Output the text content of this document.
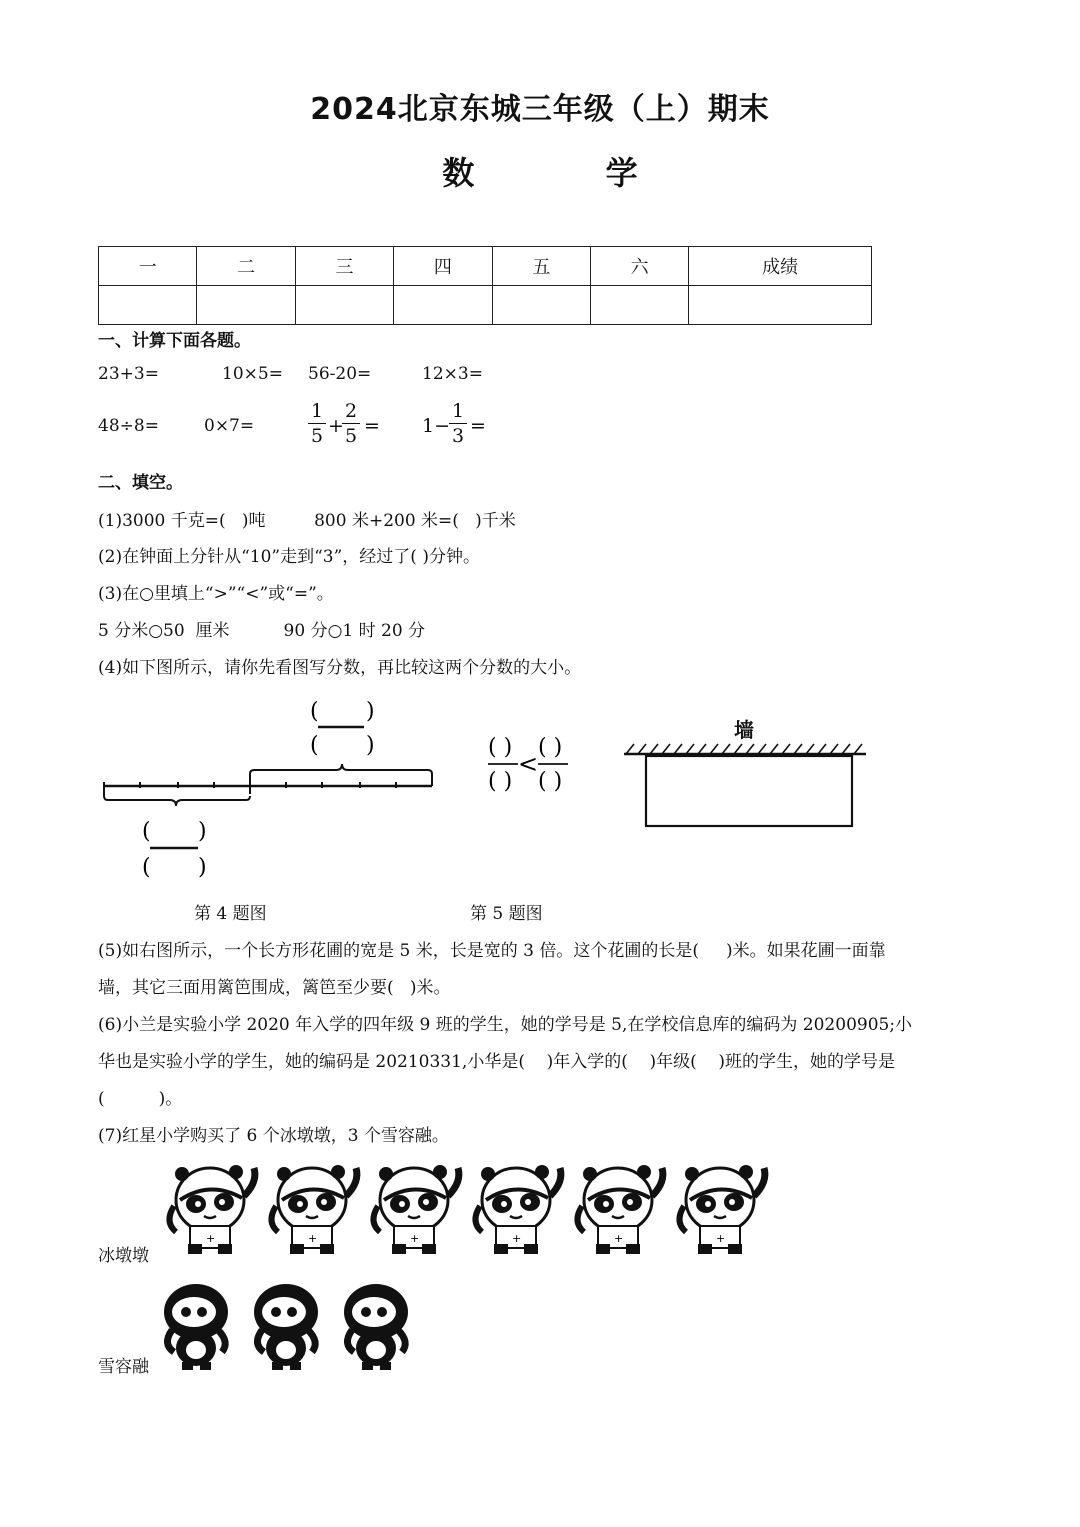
2024北京东城三年级（上）期末
数 学
一	二	三	四	五	六	成绩

一、计算下面各题。
23+3=	10×5= 56-20=	12×3=
48÷8=	0×7=
1
5 +
2
5 = 1−
1
3 =
二、填空。
(1)3000 千克=(   )吨         800 米+200 米=(   )千米
(2)在钟面上分针从“10”走到“3”，经过了( )分钟。
(3)在○里填上“>”“<”或“=”。
5 分米○50  厘米          90 分○1 时 20 分
(4)如下图所示，请你先看图写分数，再比较这两个分数的大小。
( )
( )
( )
( )
( )
( )
<
( )
( )
墙
第 4 题图	第 5 题图
(5)如右图所示，一个长方形花圃的宽是 5 米，长是宽的 3 倍。这个花圃的长是(     )米。如果花圃一面靠
墙，其它三面用篱笆围成，篱笆至少要(   )米。
(6)小兰是实验小学 2020 年入学的四年级 9 班的学生，她的学号是 5,在学校信息库的编码为 20200905;小
华也是实验小学的学生，她的编码是 20210331,小华是(    )年入学的(    )年级(    )班的学生，她的学号是
(          )。
(7)红星小学购买了 6 个冰墩墩，3 个雪容融。
冰墩墩
+	+	+	+	+	+
雪容融
